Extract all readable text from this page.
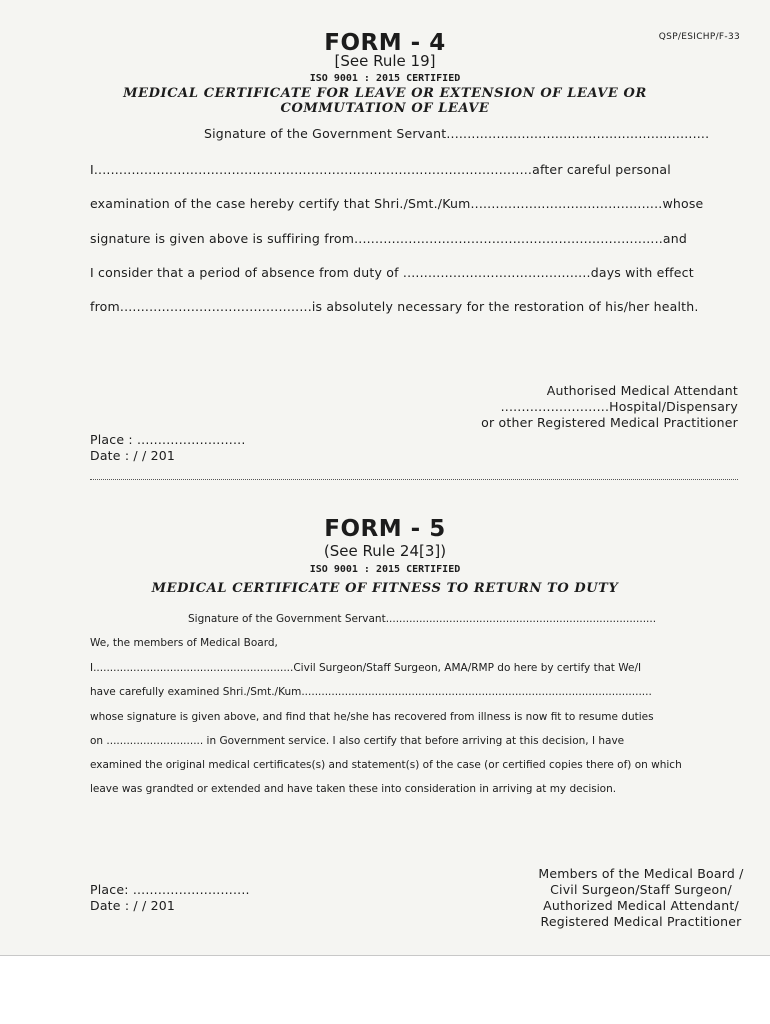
QSP/ESICHP/F-33
FORM - 4
[See Rule 19]
ISO 9001 : 2015 CERTIFIED
MEDICAL CERTIFICATE FOR LEAVE OR EXTENSION OF LEAVE OR
COMMUTATION OF LEAVE
Signature of the Government Servant...............................................................
I.........................................................................................................after careful personal
examination of the case hereby certify that Shri./Smt./Kum..............................................whose
signature is given above is suffiring from..........................................................................and
I consider that a period of absence from duty of .............................................days with effect
from..............................................is absolutely necessary for the restoration of his/her health.
Authorised Medical Attendant
..........................Hospital/Dispensary
or other Registered Medical Practitioner
Place : ..........................
Date : / / 201
FORM - 5
(See Rule 24[3])
ISO 9001 : 2015 CERTIFIED
MEDICAL CERTIFICATE OF FITNESS TO RETURN TO DUTY
Signature of the Government Servant.................................................................................
We, the members of Medical Board,
I............................................................Civil Surgeon/Staff Surgeon, AMA/RMP do here by certify that We/I
have carefully examined Shri./Smt./Kum.........................................................................................................
whose signature is given above, and find that he/she has recovered from illness is now fit to resume duties
on ............................. in Government service. I also certify that before arriving at this decision, I have
examined the original medical certificates(s) and statement(s) of the case (or certified copies there of) on which
leave was grandted or extended and have taken these into consideration in arriving at my decision.
Place: ............................
Date : / / 201
Members of the Medical Board /
Civil Surgeon/Staff Surgeon/
Authorized Medical Attendant/
Registered Medical Practitioner
